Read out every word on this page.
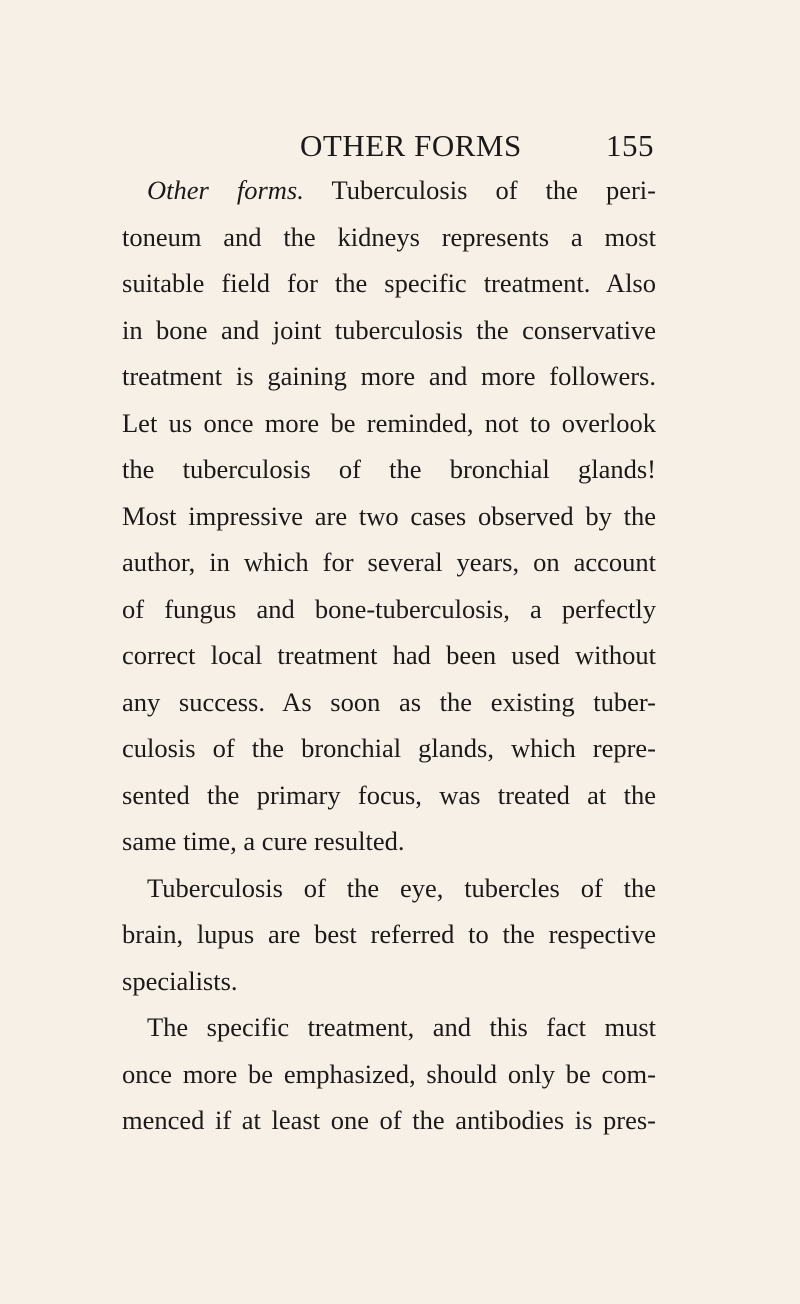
OTHER FORMS	155
Other forms. Tuberculosis of the peri-
toneum and the kidneys represents a most
suitable field for the specific treatment. Also
in bone and joint tuberculosis the conservative
treatment is gaining more and more followers.
Let us once more be reminded, not to overlook
the tuberculosis of the bronchial glands!
Most impressive are two cases observed by the
author, in which for several years, on account
of fungus and bone-tuberculosis, a perfectly
correct local treatment had been used without
any success. As soon as the existing tuber-
culosis of the bronchial glands, which repre-
sented the primary focus, was treated at the
same time, a cure resulted.
Tuberculosis of the eye, tubercles of the
brain, lupus are best referred to the respective
specialists.
The specific treatment, and this fact must
once more be emphasized, should only be com-
menced if at least one of the antibodies is pres-
